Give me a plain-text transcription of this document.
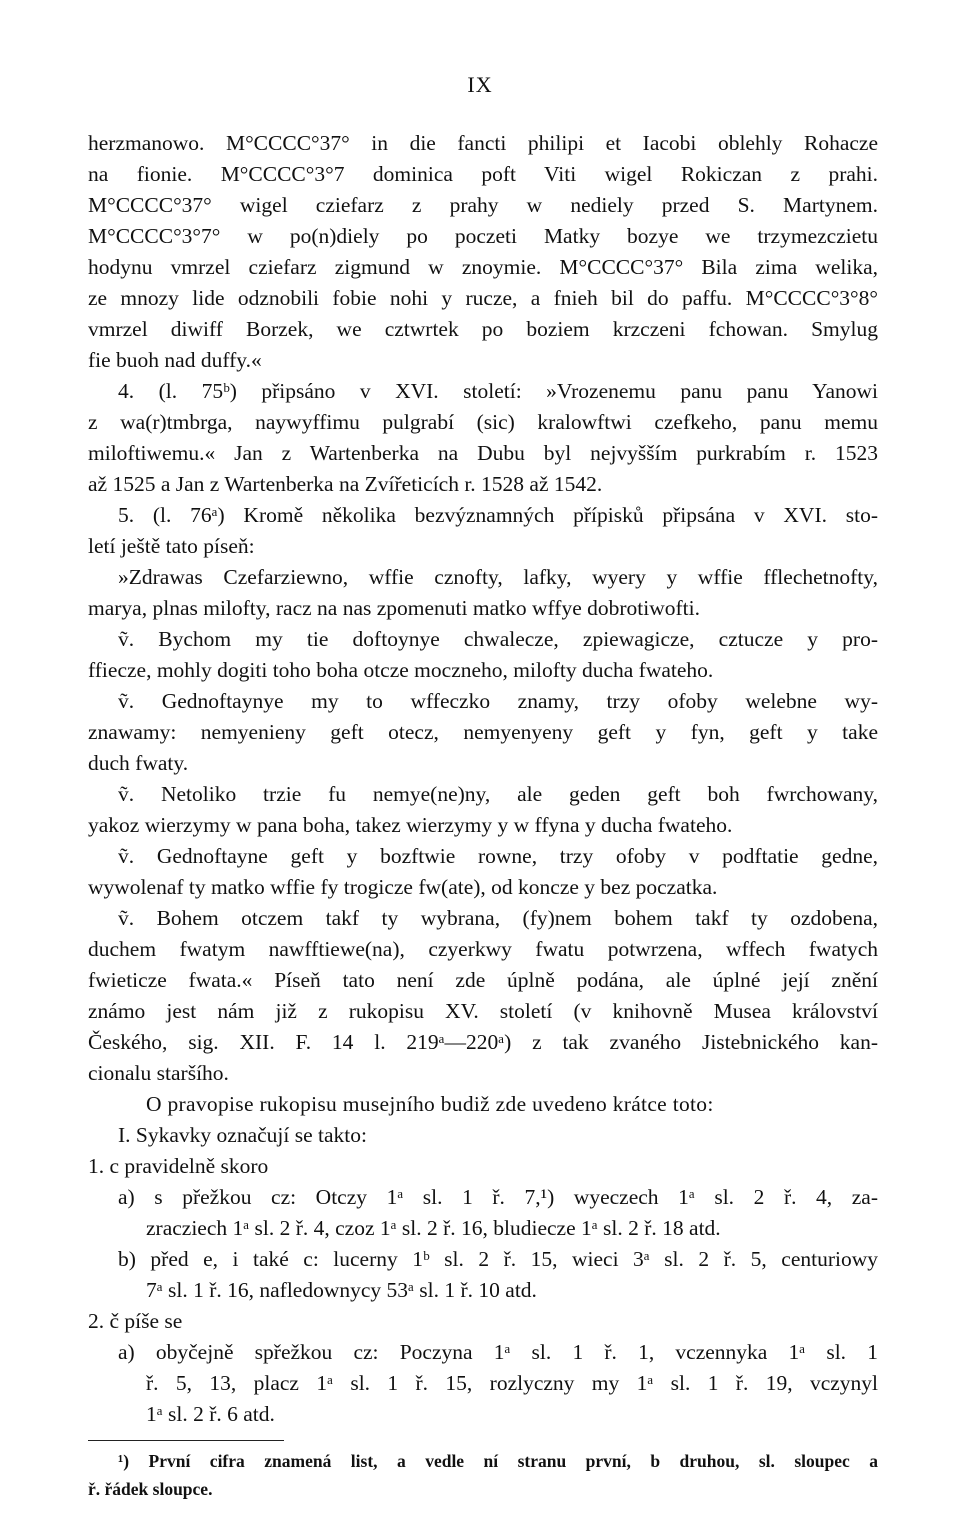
IX
herzmanowo. M°CCCC°37° in die fancti philipi et Iacobi oblehly Rohacze
na fionie. M°CCCC°3°7 dominica poft Viti wigel Rokiczan z prahi.
M°CCCC°37° wigel cziefarz z prahy w nediely przed S. Martynem.
M°CCCC°3°7° w po(n)diely po poczeti Matky bozye we trzymezczietu
hodynu vmrzel cziefarz zigmund w znoymie. M°CCCC°37° Bila zima welika,
ze mnozy lide odznobili fobie nohi y rucze, a fnieh bil do paffu. M°CCCC°3°8°
vmrzel diwiff Borzek, we cztwrtek po boziem krzczeni fchowan. Smylug
fie buoh nad duffy.«
4. (l. 75ᵇ) připsáno v XVI. století: »Vrozenemu panu panu Yanowi
z wa(r)tmbrga, naywyffimu pulgrabí (sic) kralowftwi czefkeho, panu memu
miloftiwemu.« Jan z Wartenberka na Dubu byl nejvyšším purkrabím r. 1523
až 1525 a Jan z Wartenberka na Zvířeticích r. 1528 až 1542.
5. (l. 76ᵃ) Kromě několika bezvýznamných přípisků připsána v XVI. sto-
letí ještě tato píseň:
»Zdrawas Czefarziewno, wffie cznofty, lafky, wyery y wffie fflechetnofty,
marya, plnas milofty, racz na nas zpomenuti matko wffye dobrotiwofti.
ṽ. Bychom my tie doftoynye chwalecze, zpiewagicze, cztucze y pro-
ffiecze, mohly dogiti toho boha otcze moczneho, milofty ducha fwateho.
ṽ. Gednoftaynye my to wffeczko znamy, trzy ofoby welebne wy-
znawamy: nemyenieny geft otecz, nemyenyeny geft y fyn, geft y take
duch fwaty.
ṽ. Netoliko trzie fu nemye(ne)ny, ale geden geft boh fwrchowany,
yakoz wierzymy w pana boha, takez wierzymy y w ffyna y ducha fwateho.
ṽ. Gednoftayne geft y bozftwie rowne, trzy ofoby v podftatie gedne,
wywolenaf ty matko wffie fy trogicze fw(ate), od koncze y bez poczatka.
ṽ. Bohem otczem takf ty wybrana, (fy)nem bohem takf ty ozdobena,
duchem fwatym nawfftiewe(na), czyerkwy fwatu potwrzena, wffech fwatych
fwieticze fwata.« Píseň tato není zde úplně podána, ale úplné její znění
známo jest nám již z rukopisu XV. století (v knihovně Musea království
Českého, sig. XII. F. 14 l. 219ᵃ—220ᵃ) z tak zvaného Jistebnického kan-
cionalu staršího.
O pravopise rukopisu musejního budiž zde uvedeno krátce toto:
I. Sykavky označují se takto:
1. c pravidelně skoro
a) s přežkou cz: Otczy 1ᵃ sl. 1 ř. 7,¹) wyeczech 1ᵃ sl. 2 ř. 4, za-
zracziech 1ᵃ sl. 2 ř. 4, czoz 1ᵃ sl. 2 ř. 16, bludiecze 1ᵃ sl. 2 ř. 18 atd.
b) před e, i také c: lucerny 1ᵇ sl. 2 ř. 15, wieci 3ᵃ sl. 2 ř. 5, centuriowy
7ᵃ sl. 1 ř. 16, nafledownycy 53ᵃ sl. 1 ř. 10 atd.
2. č píše se
a) obyčejně spřežkou cz: Poczyna 1ᵃ sl. 1 ř. 1, vczennyka 1ᵃ sl. 1
ř. 5, 13, placz 1ᵃ sl. 1 ř. 15, rozlyczny my 1ᵃ sl. 1 ř. 19, vczynyl
1ᵃ sl. 2 ř. 6 atd.
¹) První cifra znamená list, a vedle ní stranu první, b druhou, sl. sloupec a
ř. řádek sloupce.
